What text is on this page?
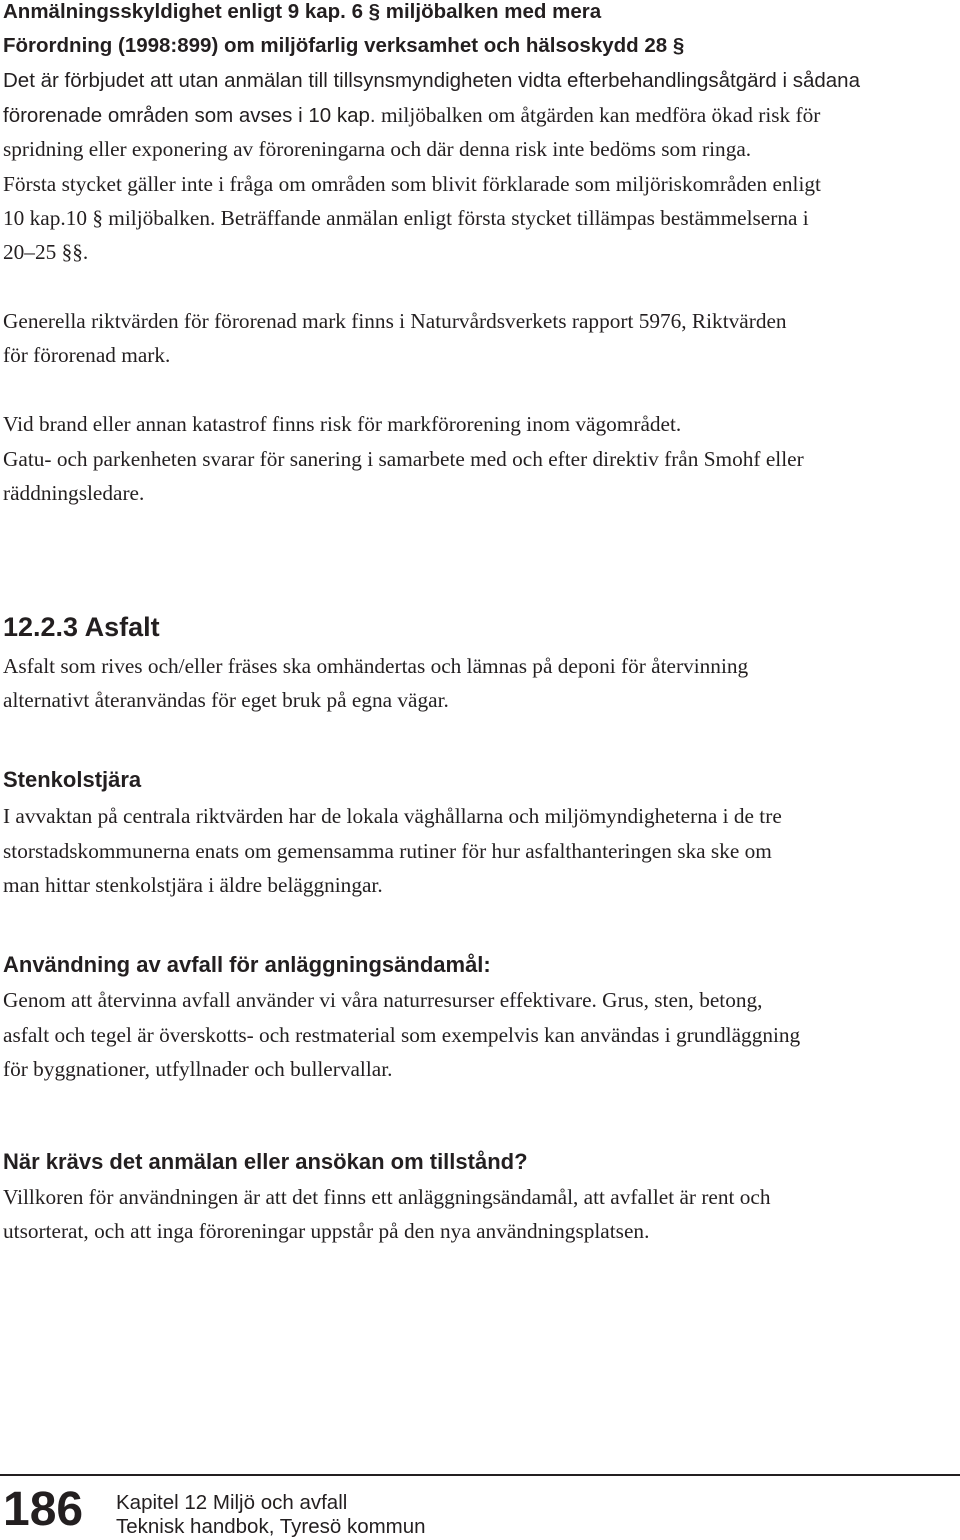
Anmälningsskyldighet enligt 9 kap. 6 § miljöbalken med mera
Förordning (1998:899) om miljöfarlig verksamhet och hälsoskydd 28 §
Det är förbjudet att utan anmälan till tillsynsmyndigheten vidta efterbehandlingsåtgärd i sådana
förorenade områden som avses i 10 kap. miljöbalken om åtgärden kan medföra ökad risk för
spridning eller exponering av föroreningarna och där denna risk inte bedöms som ringa.
Första stycket gäller inte i fråga om områden som blivit förklarade som miljöriskområden enligt
10 kap.10 § miljöbalken. Beträffande anmälan enligt första stycket tillämpas bestämmelserna i
20–25 §§.
Generella riktvärden för förorenad mark finns i Naturvårdsverkets rapport 5976, Riktvärden
för förorenad mark.
Vid brand eller annan katastrof finns risk för markförorening inom vägområdet.
Gatu- och parkenheten svarar för sanering i samarbete med och efter direktiv från Smohf eller
räddningsledare.
12.2.3 Asfalt
Asfalt som rives och/eller fräses ska omhändertas och lämnas på deponi för återvinning
alternativt återanvändas för eget bruk på egna vägar.
Stenkolstjära
I avvaktan på centrala riktvärden har de lokala väghållarna och miljömyndigheterna i de tre
storstadskommunerna enats om gemensamma rutiner för hur asfalthanteringen ska ske om
man hittar stenkolstjära i äldre beläggningar.
Användning av avfall för anläggningsändamål:
Genom att återvinna avfall använder vi våra naturresurser effektivare. Grus, sten, betong,
asfalt och tegel är överskotts- och restmaterial som exempelvis kan användas i grundläggning
för byggnationer, utfyllnader och bullervallar.
När krävs det anmälan eller ansökan om tillstånd?
Villkoren för användningen är att det finns ett anläggningsändamål, att avfallet är rent och
utsorterat, och att inga föroreningar uppstår på den nya användningsplatsen.
186 Kapitel 12 Miljö och avfall
Teknisk handbok, Tyresö kommun
